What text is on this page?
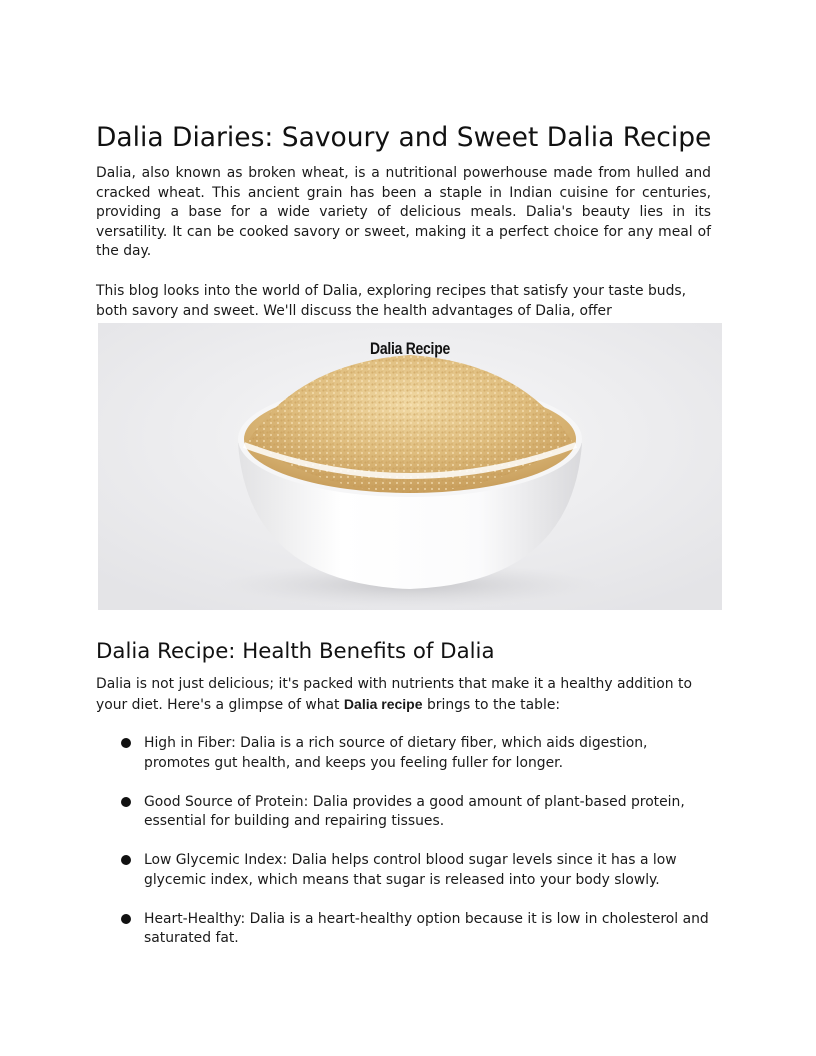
Dalia Diaries: Savoury and Sweet Dalia Recipe

Dalia, also known as broken wheat, is a nutritional powerhouse made from hulled and cracked wheat. This ancient grain has been a staple in Indian cuisine for centuries, providing a base for a wide variety of delicious meals. Dalia's beauty lies in its versatility. It can be cooked savory or sweet, making it a perfect choice for any meal of the day.

This blog looks into the world of Dalia, exploring recipes that satisfy your taste buds, both savory and sweet. We'll discuss the health advantages of Dalia, offer

Dalia Recipe: Health Benefits of Dalia

Dalia is not just delicious; it's packed with nutrients that make it a healthy addition to your diet. Here's a glimpse of what Dalia recipe brings to the table:

High in Fiber: Dalia is a rich source of dietary fiber, which aids digestion, promotes gut health, and keeps you feeling fuller for longer.
Good Source of Protein: Dalia provides a good amount of plant-based protein, essential for building and repairing tissues.
Low Glycemic Index: Dalia helps control blood sugar levels since it has a low glycemic index, which means that sugar is released into your body slowly.
Heart-Healthy: Dalia is a heart-healthy option because it is low in cholesterol and saturated fat.
Dalia Recipe
